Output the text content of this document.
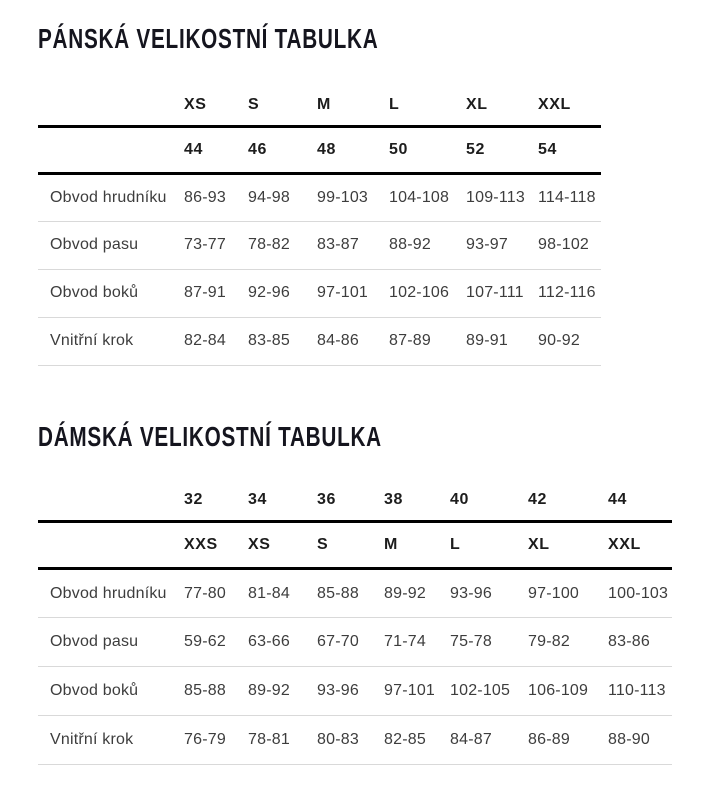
PÁNSKÁ VELIKOSTNÍ TABULKA
	XS	S	M	L	XL	XXL
	44	46	48	50	52	54
Obvod hrudníku	86-93	94-98	99-103	104-108	109-113	114-118
Obvod pasu	73-77	78-82	83-87	88-92	93-97	98-102
Obvod boků	87-91	92-96	97-101	102-106	107-111	112-116
Vnitřní krok	82-84	83-85	84-86	87-89	89-91	90-92
DÁMSKÁ VELIKOSTNÍ TABULKA
	32	34	36	38	40	42	44
	XXS	XS	S	M	L	XL	XXL
Obvod hrudníku	77-80	81-84	85-88	89-92	93-96	97-100	100-103
Obvod pasu	59-62	63-66	67-70	71-74	75-78	79-82	83-86
Obvod boků	85-88	89-92	93-96	97-101	102-105	106-109	110-113
Vnitřní krok	76-79	78-81	80-83	82-85	84-87	86-89	88-90
